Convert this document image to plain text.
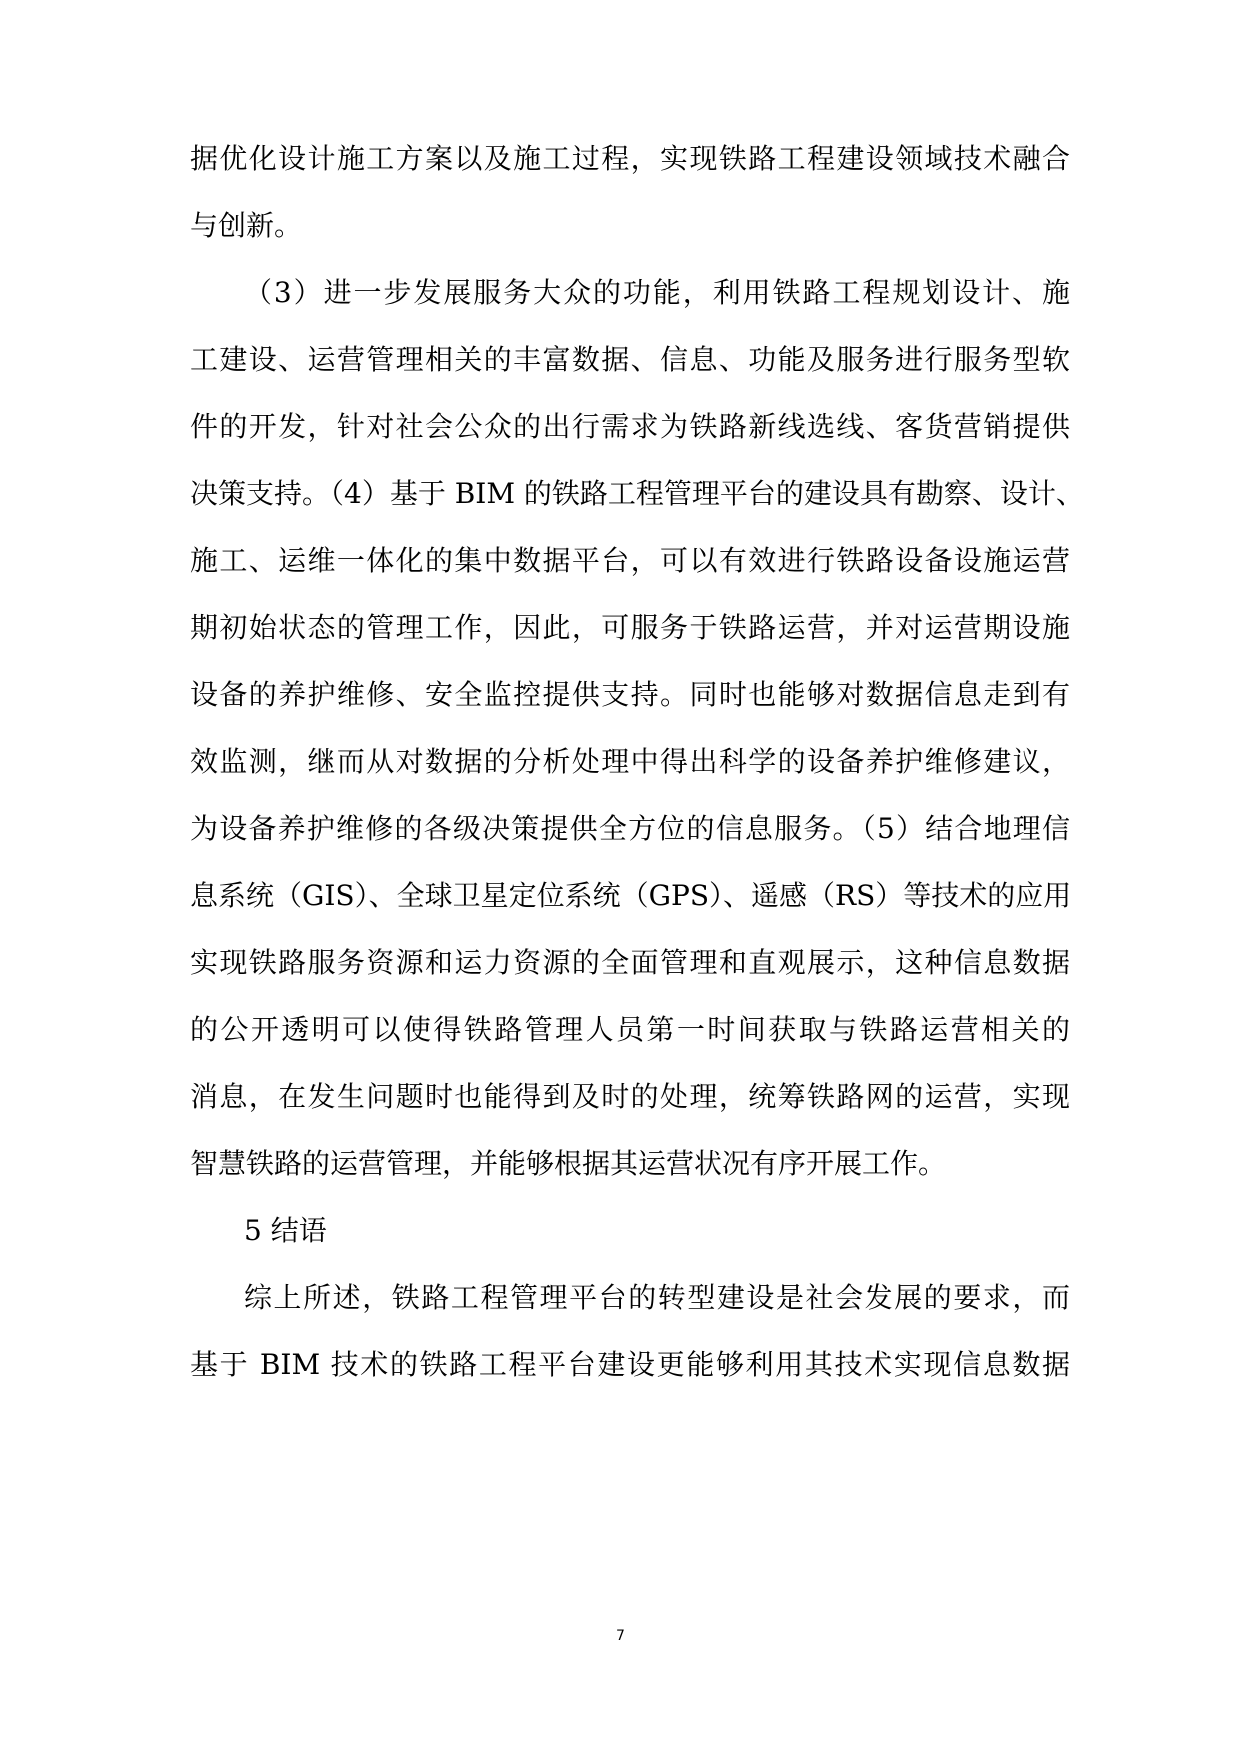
据优化设计施工方案以及施工过程，实现铁路工程建设领域技术融合

与创新。

（3）进一步发展服务大众的功能，利用铁路工程规划设计、施

工建设、运营管理相关的丰富数据、信息、功能及服务进行服务型软

件的开发，针对社会公众的出行需求为铁路新线选线、客货营销提供

决策支持。（4）基于 BIM 的铁路工程管理平台的建设具有勘察、设计、

施工、运维一体化的集中数据平台，可以有效进行铁路设备设施运营

期初始状态的管理工作，因此，可服务于铁路运营，并对运营期设施

设备的养护维修、安全监控提供支持。同时也能够对数据信息走到有

效监测，继而从对数据的分析处理中得出科学的设备养护维修建议，

为设备养护维修的各级决策提供全方位的信息服务。（5）结合地理信

息系统（GIS）、全球卫星定位系统（GPS）、遥感（RS）等技术的应用

实现铁路服务资源和运力资源的全面管理和直观展示，这种信息数据

的公开透明可以使得铁路管理人员第一时间获取与铁路运营相关的

消息，在发生问题时也能得到及时的处理，统筹铁路网的运营，实现

智慧铁路的运营管理，并能够根据其运营状况有序开展工作。

5 结语

综上所述，铁路工程管理平台的转型建设是社会发展的要求，而

基于 BIM 技术的铁路工程平台建设更能够利用其技术实现信息数据

7
